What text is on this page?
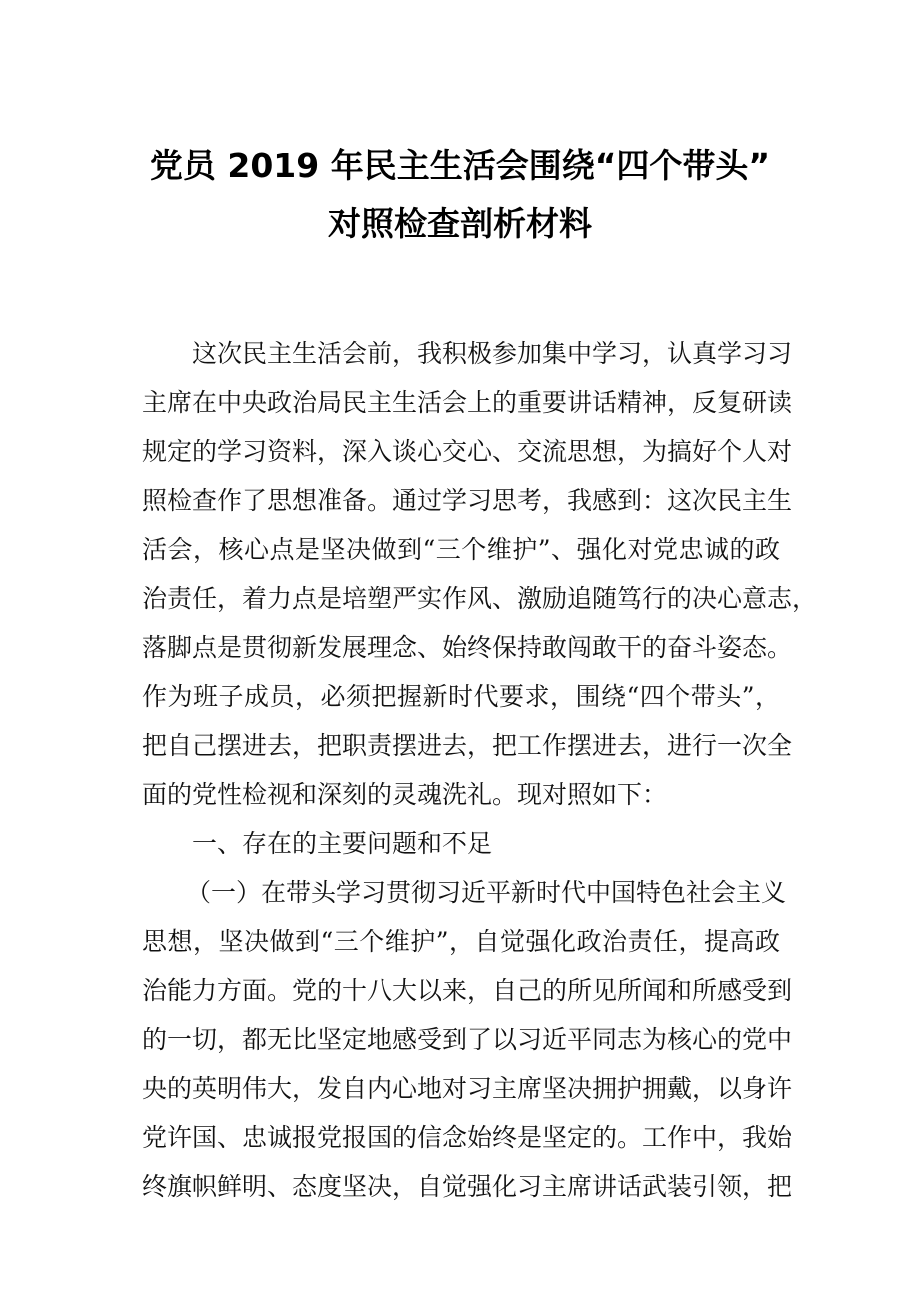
党员 2019 年民主生活会围绕“四个带头”
对照检查剖析材料
这次民主生活会前，我积极参加集中学习，认真学习习
主席在中央政治局民主生活会上的重要讲话精神，反复研读
规定的学习资料，深入谈心交心、交流思想，为搞好个人对
照检查作了思想准备。通过学习思考，我感到：这次民主生
活会，核心点是坚决做到“三个维护”、强化对党忠诚的政
治责任，着力点是培塑严实作风、激励追随笃行的决心意志，
落脚点是贯彻新发展理念、始终保持敢闯敢干的奋斗姿态。
作为班子成员，必须把握新时代要求，围绕“四个带头”，
把自己摆进去，把职责摆进去，把工作摆进去，进行一次全
面的党性检视和深刻的灵魂洗礼。现对照如下：
一、存在的主要问题和不足
（一）在带头学习贯彻习近平新时代中国特色社会主义
思想，坚决做到“三个维护”，自觉强化政治责任，提高政
治能力方面。党的十八大以来，自己的所见所闻和所感受到
的一切，都无比坚定地感受到了以习近平同志为核心的党中
央的英明伟大，发自内心地对习主席坚决拥护拥戴，以身许
党许国、忠诚报党报国的信念始终是坚定的。工作中，我始
终旗帜鲜明、态度坚决，自觉强化习主席讲话武装引领，把
